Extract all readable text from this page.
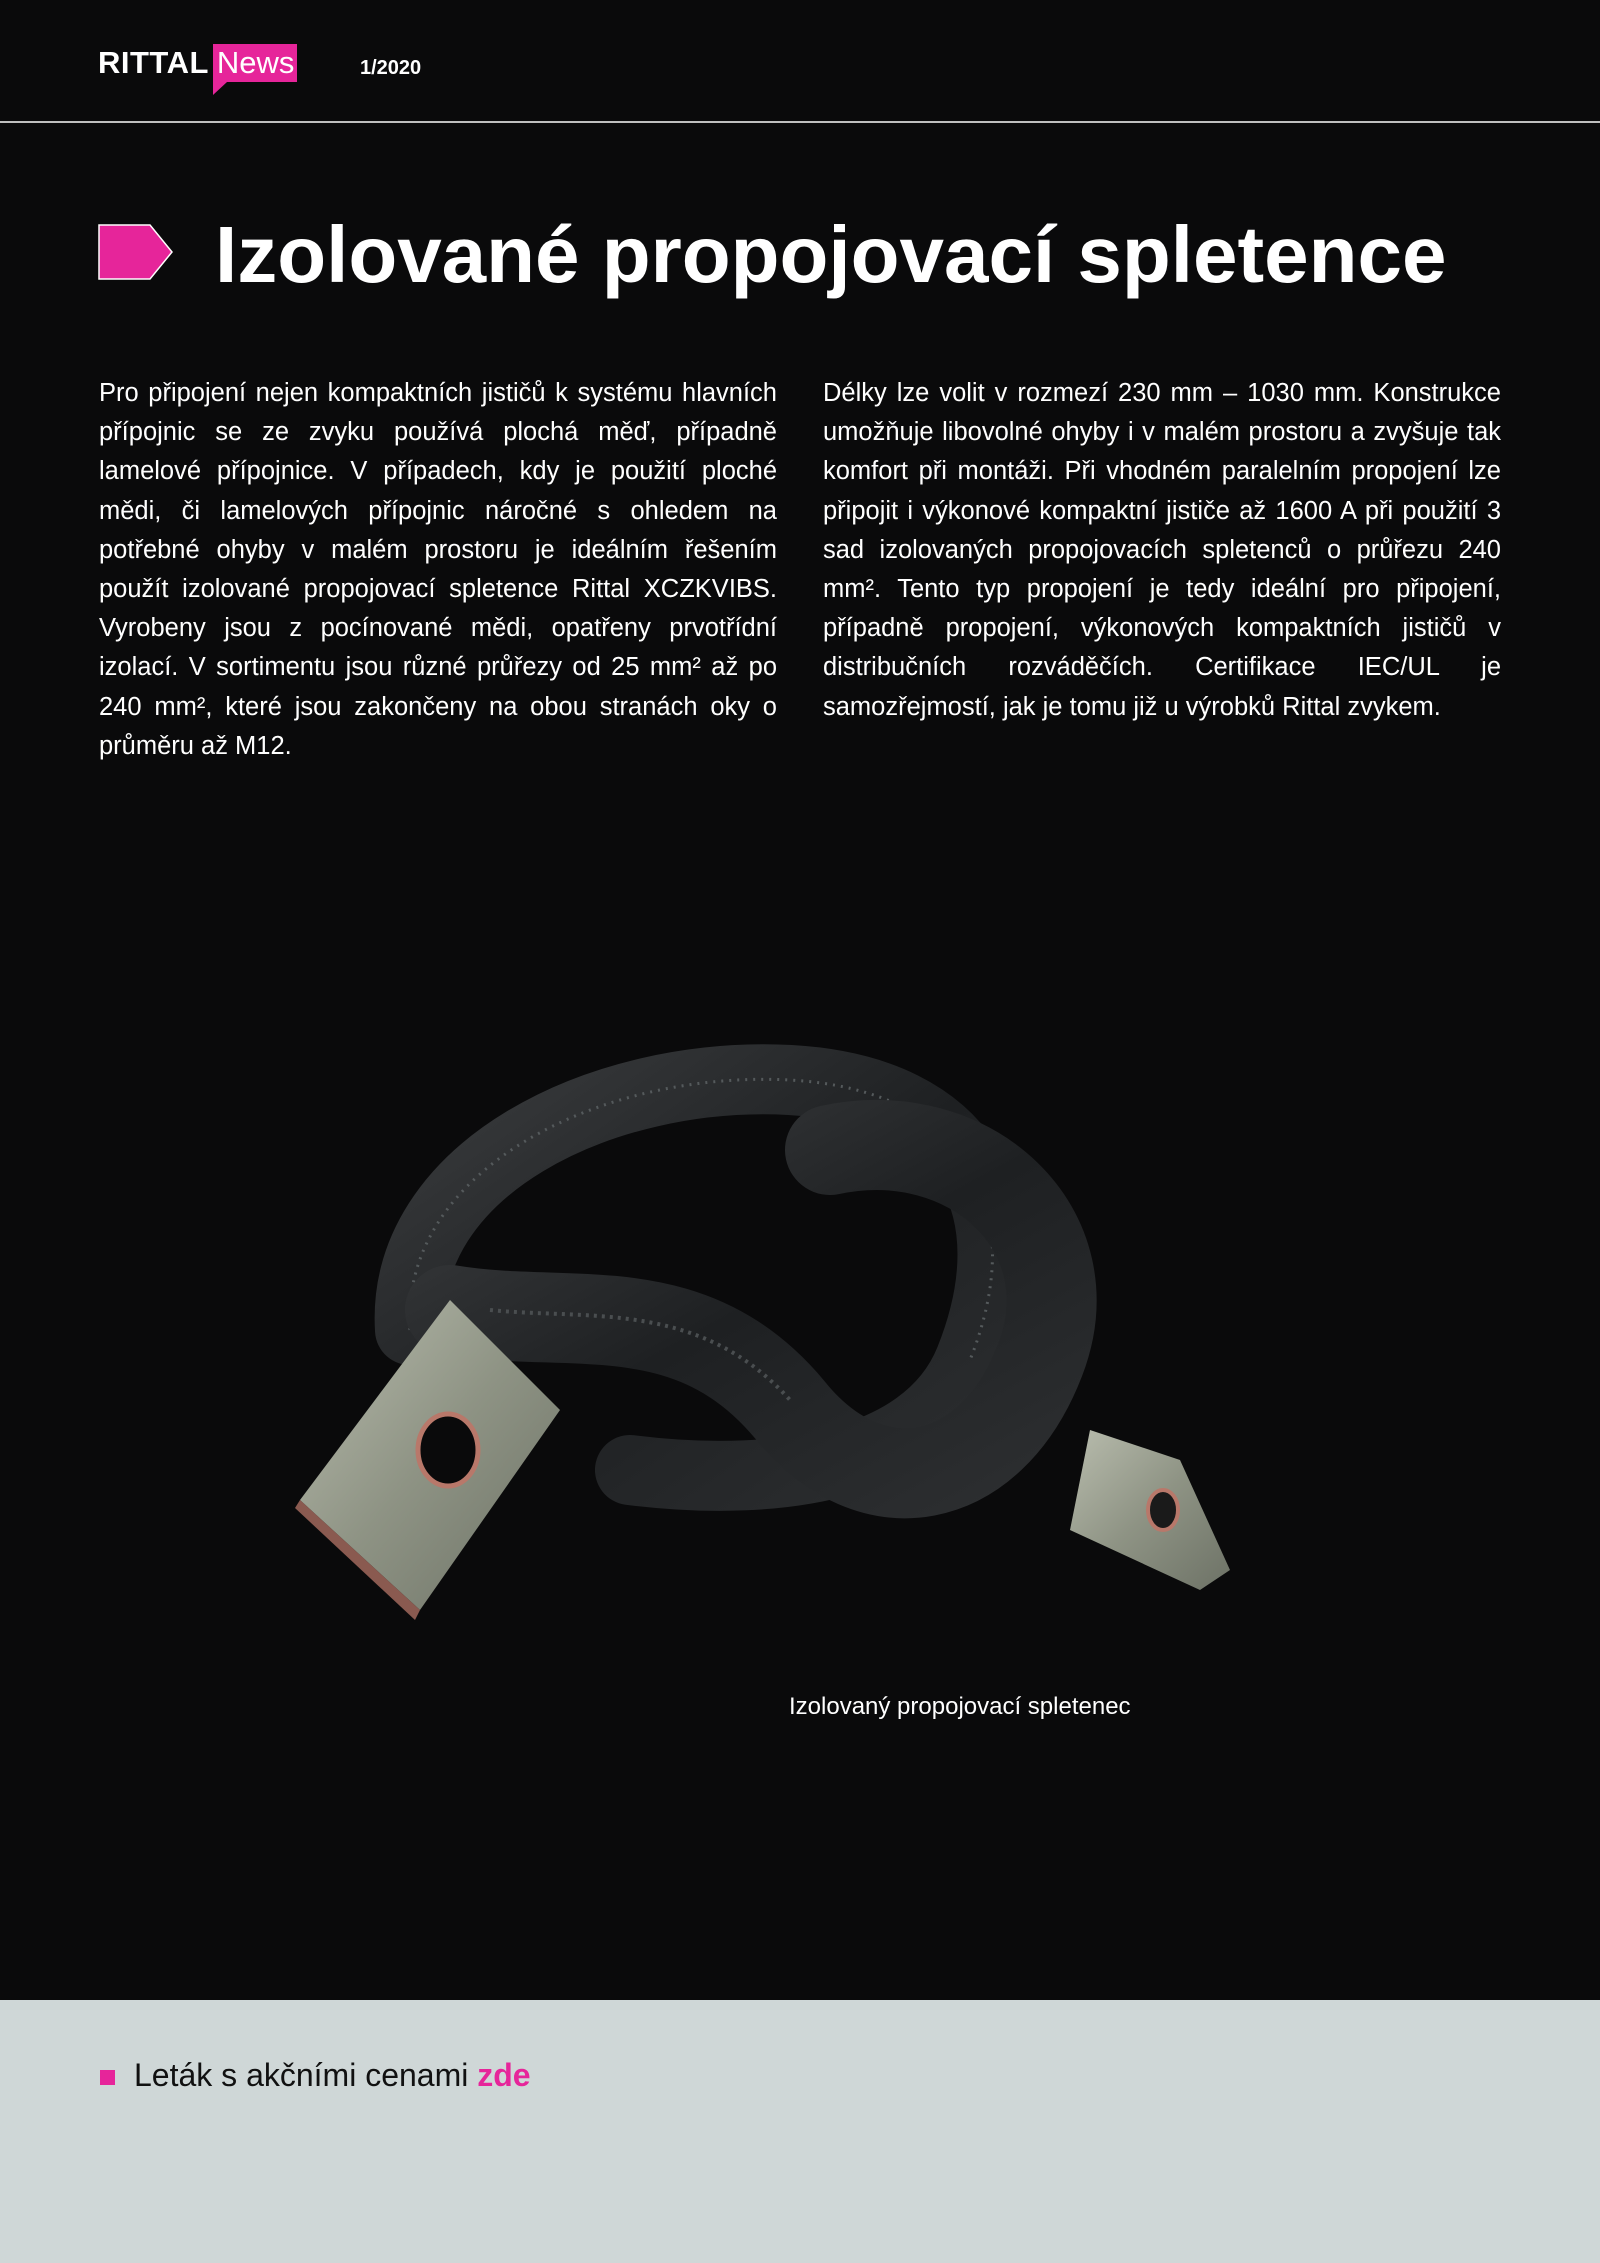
RITTAL News	1/2020
Izolované propojovací spletence

Pro připojení nejen kompaktních jističů k systému hlavních přípojnic se ze zvyku používá plochá měď, případně lamelové přípojnice. V případech, kdy je použití ploché mědi, či lamelových přípojnic náročné s ohledem na potřebné ohyby v malém prostoru je ideálním řešením použít izolované propojovací spletence Rittal XCZKVIBS. Vyrobeny jsou z pocínované mědi, opatřeny prvotřídní izolací. V sortimentu jsou různé průřezy od 25 mm² až po 240 mm², které jsou zakončeny na obou stranách oky o průměru až M12.

Délky lze volit v rozmezí 230 mm – 1030 mm. Konstrukce umožňuje libovolné ohyby i v malém prostoru a zvyšuje tak komfort při montáži. Při vhodném paralelním propojení lze připojit i výkonové kompaktní jističe až 1600 A při použití 3 sad izolovaných propojovacích spletenců o průřezu 240 mm². Tento typ propojení je tedy ideální pro připojení, případně propojení, výkonových kompaktních jističů v distribučních rozváděčích. Certifikace IEC/UL je samozřejmostí, jak je tomu již u výrobků Rittal zvykem.

Izolovaný propojovací spletenec
Leták s akčními cenami zde
